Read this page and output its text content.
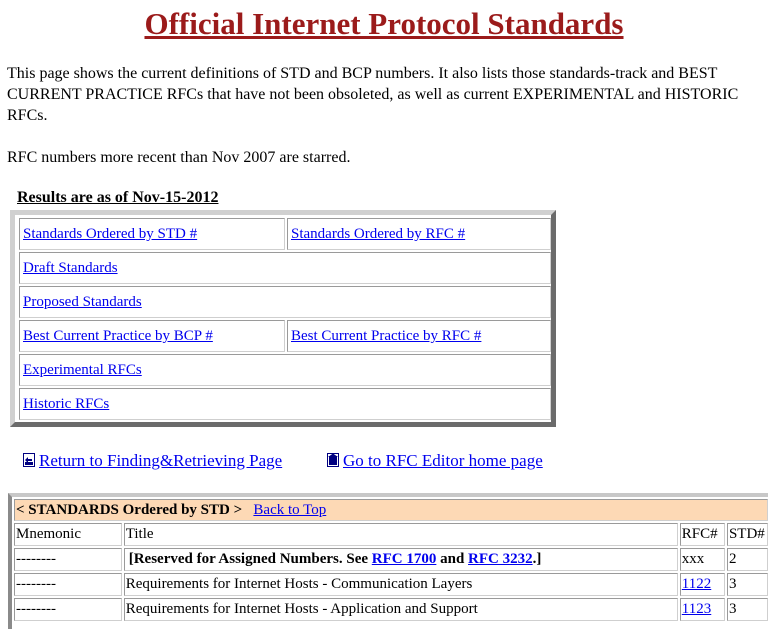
Official Internet Protocol Standards

This page shows the current definitions of STD and BCP numbers. It also lists those standards-track and BEST CURRENT PRACTICE RFCs that have not been obsoleted, as well as current EXPERIMENTAL and HISTORIC RFCs.

RFC numbers more recent than Nov 2007 are starred.

Results are as of Nov-15-2012
Standards Ordered by STD #	Standards Ordered by RFC #
Draft Standards
Proposed Standards
Best Current Practice by BCP #	Best Current Practice by RFC #
Experimental RFCs
Historic RFCs
Return to Finding&Retrieving Page	Go to RFC Editor home page
< STANDARDS Ordered by STD > Back to Top			
Mnemonic	Title	RFC#	STD#
--------	[Reserved for Assigned Numbers. See RFC 1700 and RFC 3232.]	xxx	2
--------	Requirements for Internet Hosts - Communication Layers	1122	3
--------	Requirements for Internet Hosts - Application and Support	1123	3
